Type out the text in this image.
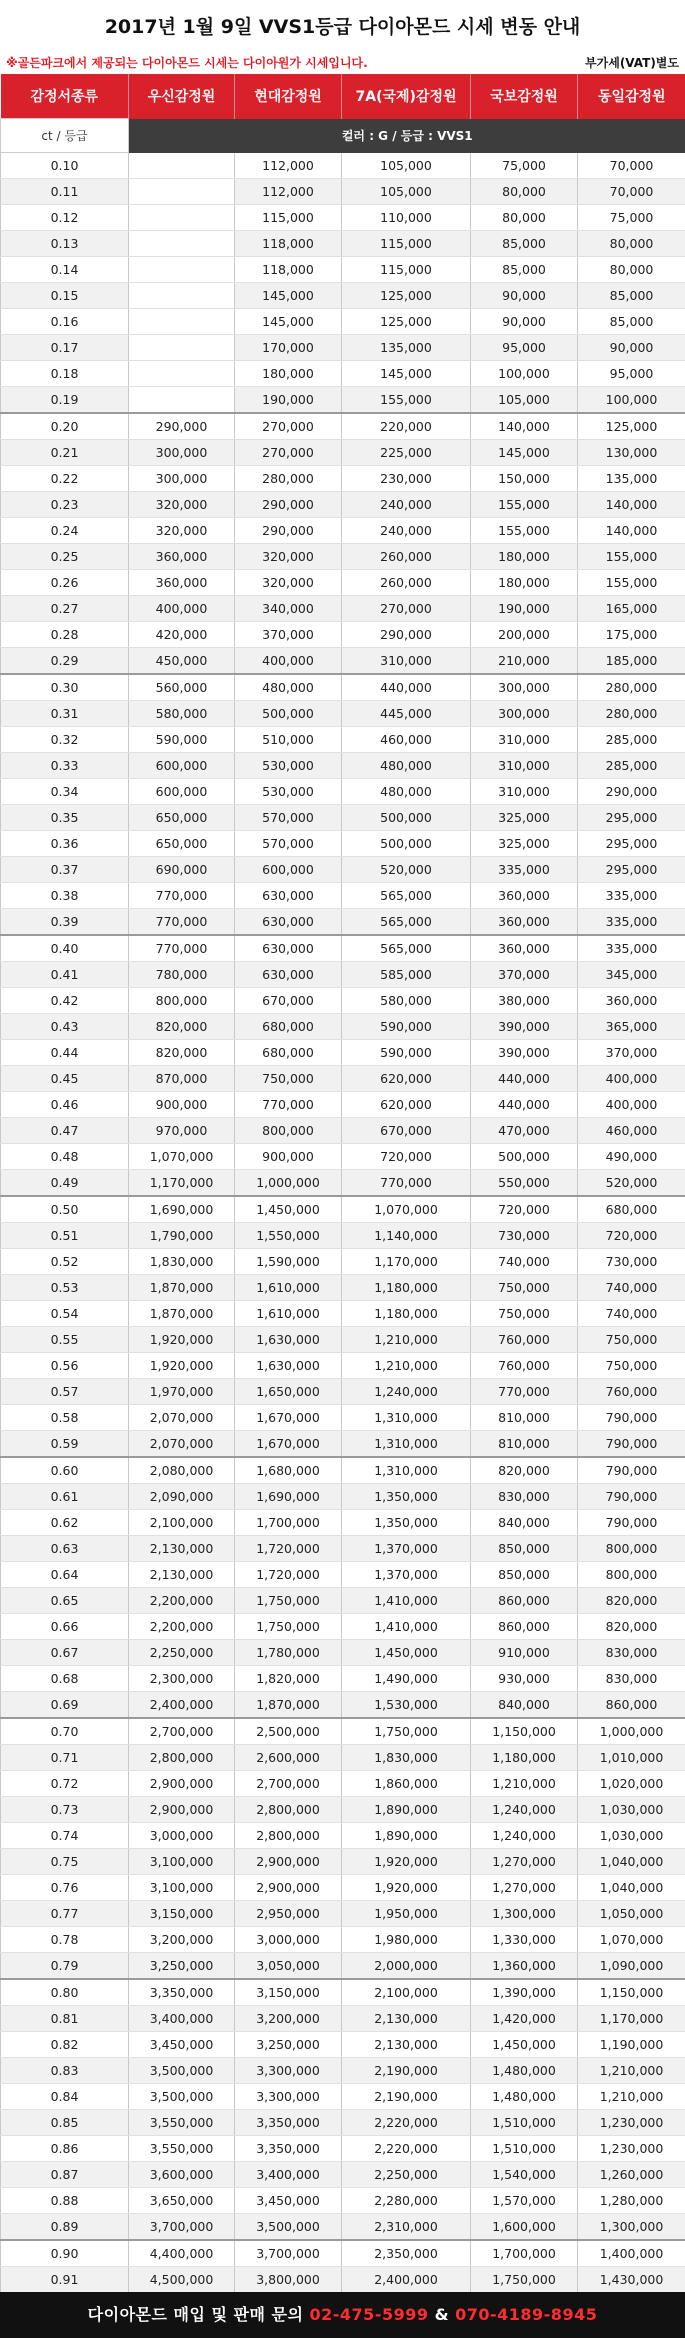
2017년 1월 9일 VVS1등급 다이아몬드 시세 변동 안내
※골든파크에서 제공되는 다이아몬드 시세는 다이아원가 시세입니다.	부가세(VAT)별도
감정서종류	우신감정원	현대감정원	7A(국제)감정원	국보감정원	동일감정원
ct / 등급	컬러 : G / 등급 : VVS1				
0.10		112,000	105,000	75,000	70,000
0.11		112,000	105,000	80,000	70,000
0.12		115,000	110,000	80,000	75,000
0.13		118,000	115,000	85,000	80,000
0.14		118,000	115,000	85,000	80,000
0.15		145,000	125,000	90,000	85,000
0.16		145,000	125,000	90,000	85,000
0.17		170,000	135,000	95,000	90,000
0.18		180,000	145,000	100,000	95,000
0.19		190,000	155,000	105,000	100,000
0.20	290,000	270,000	220,000	140,000	125,000
0.21	300,000	270,000	225,000	145,000	130,000
0.22	300,000	280,000	230,000	150,000	135,000
0.23	320,000	290,000	240,000	155,000	140,000
0.24	320,000	290,000	240,000	155,000	140,000
0.25	360,000	320,000	260,000	180,000	155,000
0.26	360,000	320,000	260,000	180,000	155,000
0.27	400,000	340,000	270,000	190,000	165,000
0.28	420,000	370,000	290,000	200,000	175,000
0.29	450,000	400,000	310,000	210,000	185,000
0.30	560,000	480,000	440,000	300,000	280,000
0.31	580,000	500,000	445,000	300,000	280,000
0.32	590,000	510,000	460,000	310,000	285,000
0.33	600,000	530,000	480,000	310,000	285,000
0.34	600,000	530,000	480,000	310,000	290,000
0.35	650,000	570,000	500,000	325,000	295,000
0.36	650,000	570,000	500,000	325,000	295,000
0.37	690,000	600,000	520,000	335,000	295,000
0.38	770,000	630,000	565,000	360,000	335,000
0.39	770,000	630,000	565,000	360,000	335,000
0.40	770,000	630,000	565,000	360,000	335,000
0.41	780,000	630,000	585,000	370,000	345,000
0.42	800,000	670,000	580,000	380,000	360,000
0.43	820,000	680,000	590,000	390,000	365,000
0.44	820,000	680,000	590,000	390,000	370,000
0.45	870,000	750,000	620,000	440,000	400,000
0.46	900,000	770,000	620,000	440,000	400,000
0.47	970,000	800,000	670,000	470,000	460,000
0.48	1,070,000	900,000	720,000	500,000	490,000
0.49	1,170,000	1,000,000	770,000	550,000	520,000
0.50	1,690,000	1,450,000	1,070,000	720,000	680,000
0.51	1,790,000	1,550,000	1,140,000	730,000	720,000
0.52	1,830,000	1,590,000	1,170,000	740,000	730,000
0.53	1,870,000	1,610,000	1,180,000	750,000	740,000
0.54	1,870,000	1,610,000	1,180,000	750,000	740,000
0.55	1,920,000	1,630,000	1,210,000	760,000	750,000
0.56	1,920,000	1,630,000	1,210,000	760,000	750,000
0.57	1,970,000	1,650,000	1,240,000	770,000	760,000
0.58	2,070,000	1,670,000	1,310,000	810,000	790,000
0.59	2,070,000	1,670,000	1,310,000	810,000	790,000
0.60	2,080,000	1,680,000	1,310,000	820,000	790,000
0.61	2,090,000	1,690,000	1,350,000	830,000	790,000
0.62	2,100,000	1,700,000	1,350,000	840,000	790,000
0.63	2,130,000	1,720,000	1,370,000	850,000	800,000
0.64	2,130,000	1,720,000	1,370,000	850,000	800,000
0.65	2,200,000	1,750,000	1,410,000	860,000	820,000
0.66	2,200,000	1,750,000	1,410,000	860,000	820,000
0.67	2,250,000	1,780,000	1,450,000	910,000	830,000
0.68	2,300,000	1,820,000	1,490,000	930,000	830,000
0.69	2,400,000	1,870,000	1,530,000	840,000	860,000
0.70	2,700,000	2,500,000	1,750,000	1,150,000	1,000,000
0.71	2,800,000	2,600,000	1,830,000	1,180,000	1,010,000
0.72	2,900,000	2,700,000	1,860,000	1,210,000	1,020,000
0.73	2,900,000	2,800,000	1,890,000	1,240,000	1,030,000
0.74	3,000,000	2,800,000	1,890,000	1,240,000	1,030,000
0.75	3,100,000	2,900,000	1,920,000	1,270,000	1,040,000
0.76	3,100,000	2,900,000	1,920,000	1,270,000	1,040,000
0.77	3,150,000	2,950,000	1,950,000	1,300,000	1,050,000
0.78	3,200,000	3,000,000	1,980,000	1,330,000	1,070,000
0.79	3,250,000	3,050,000	2,000,000	1,360,000	1,090,000
0.80	3,350,000	3,150,000	2,100,000	1,390,000	1,150,000
0.81	3,400,000	3,200,000	2,130,000	1,420,000	1,170,000
0.82	3,450,000	3,250,000	2,130,000	1,450,000	1,190,000
0.83	3,500,000	3,300,000	2,190,000	1,480,000	1,210,000
0.84	3,500,000	3,300,000	2,190,000	1,480,000	1,210,000
0.85	3,550,000	3,350,000	2,220,000	1,510,000	1,230,000
0.86	3,550,000	3,350,000	2,220,000	1,510,000	1,230,000
0.87	3,600,000	3,400,000	2,250,000	1,540,000	1,260,000
0.88	3,650,000	3,450,000	2,280,000	1,570,000	1,280,000
0.89	3,700,000	3,500,000	2,310,000	1,600,000	1,300,000
0.90	4,400,000	3,700,000	2,350,000	1,700,000	1,400,000
0.91	4,500,000	3,800,000	2,400,000	1,750,000	1,430,000
다이아몬드 매입 및 판매 문의 02-475-5999 & 070-4189-8945
